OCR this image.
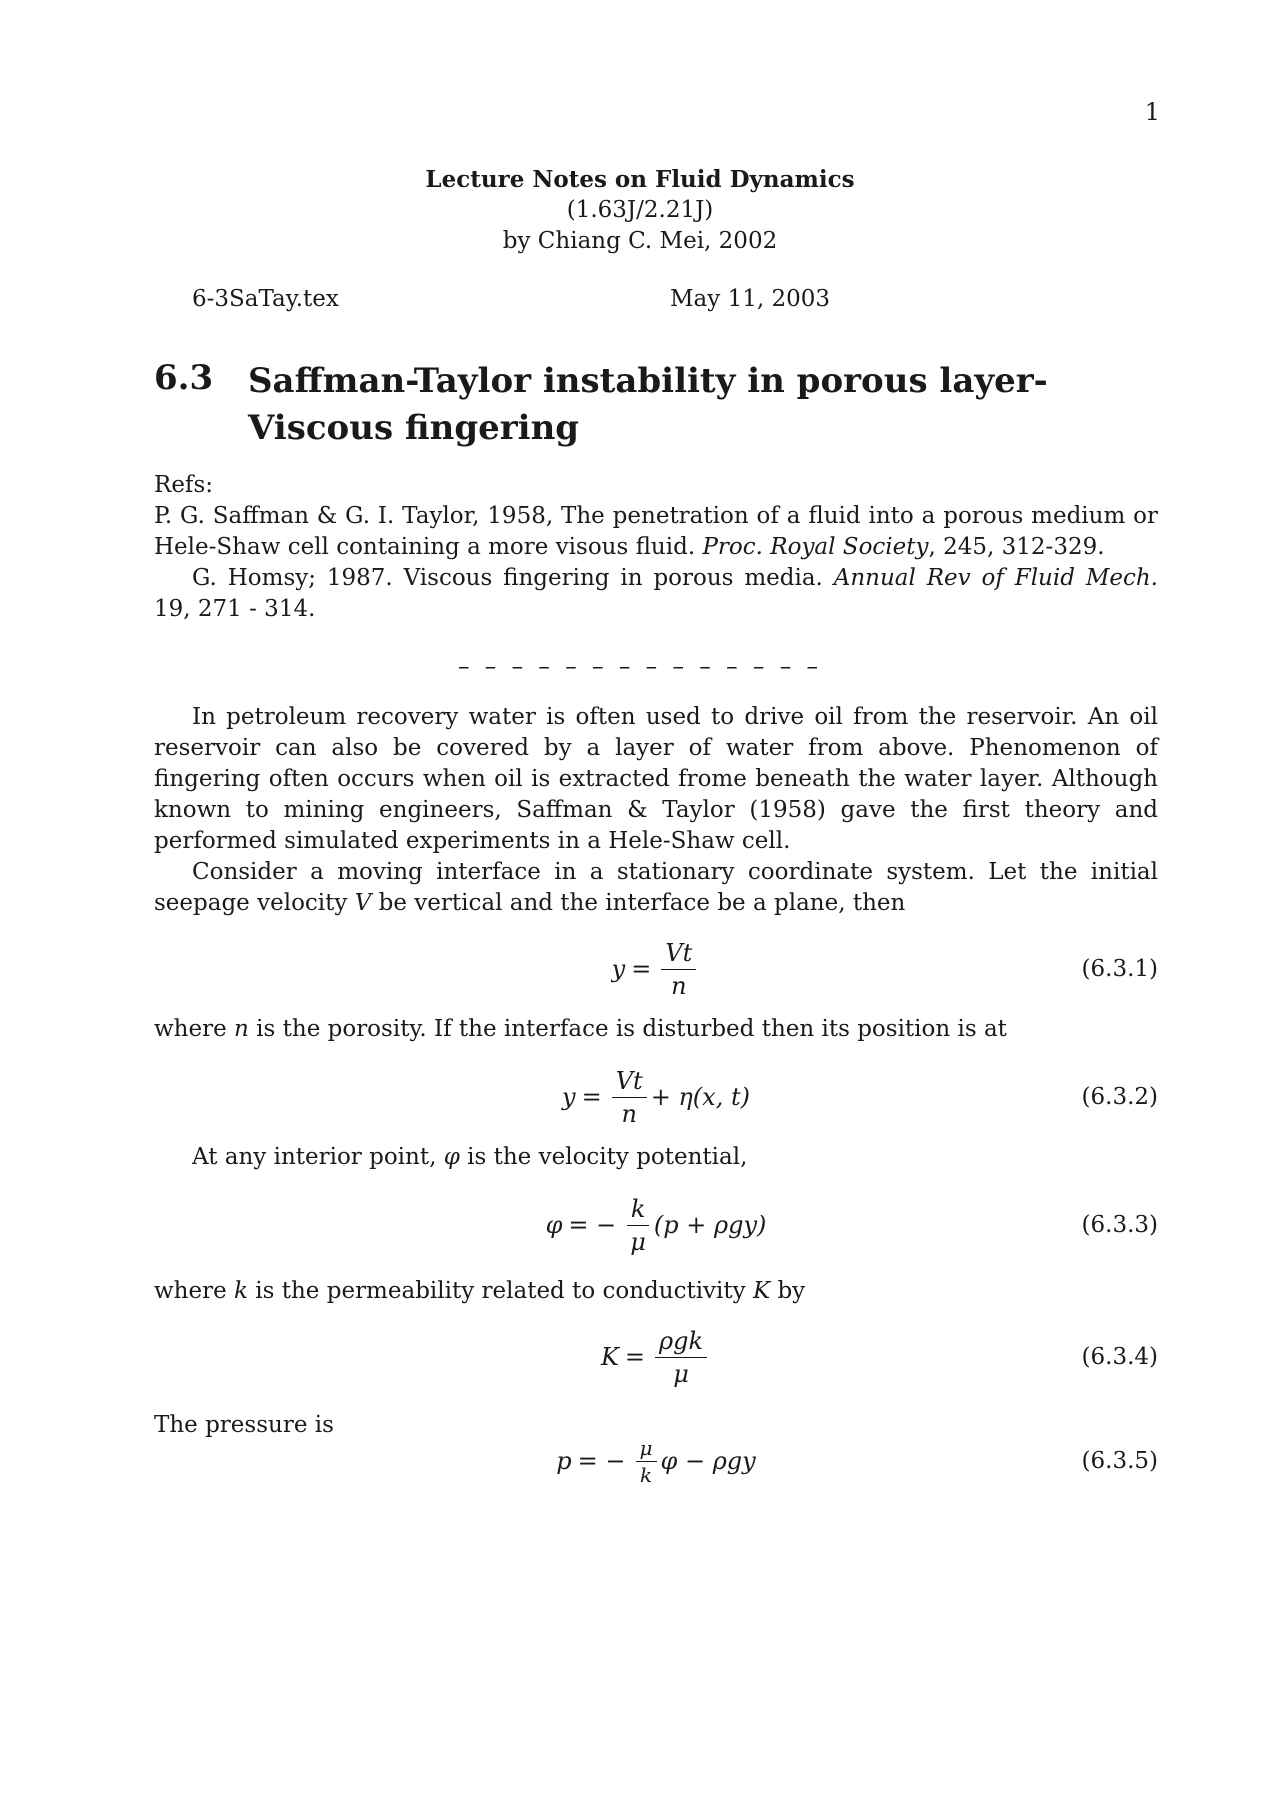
1
Lecture Notes on Fluid Dynamics
(1.63J/2.21J)
by Chiang C. Mei, 2002
6-3SaTay.tex	May 11, 2003
6.3 Saffman-Taylor instability in porous layer- Viscous fingering
Refs:
P. G. Saffman & G. I. Taylor, 1958, The penetration of a fluid into a porous medium or Hele-Shaw cell containing a more visous fluid. Proc. Royal Society, 245, 312-329.
G. Homsy; 1987. Viscous fingering in porous media. Annual Rev of Fluid Mech. 19, 271 - 314.
– – – – – – – – – – – – – –
In petroleum recovery water is often used to drive oil from the reservoir. An oil reservoir can also be covered by a layer of water from above. Phenomenon of fingering often occurs when oil is extracted frome beneath the water layer. Although known to mining engineers, Saffman & Taylor (1958) gave the first theory and performed simulated experiments in a Hele-Shaw cell.
Consider a moving interface in a stationary coordinate system. Let the initial seepage velocity V be vertical and the interface be a plane, then
$y = \frac{Vt}{n}$	(6.3.1)
where n is the porosity. If the interface is disturbed then its position is at
$y = \frac{Vt}{n} + \eta(x$, t)	(6.3.2)
At any interior point, φ is the velocity potential,
φ = − $\frac{k}{\mu} (p + \rho gy)$	(6.3.3)
where k is the permeability related to conductivity K by
$K = \frac{\text{ρgk}}{\mu}$	(6.3.4)
The pressure is
p = − $\frac{\mu}{k}$ φ − ρgy	(6.3.5)
